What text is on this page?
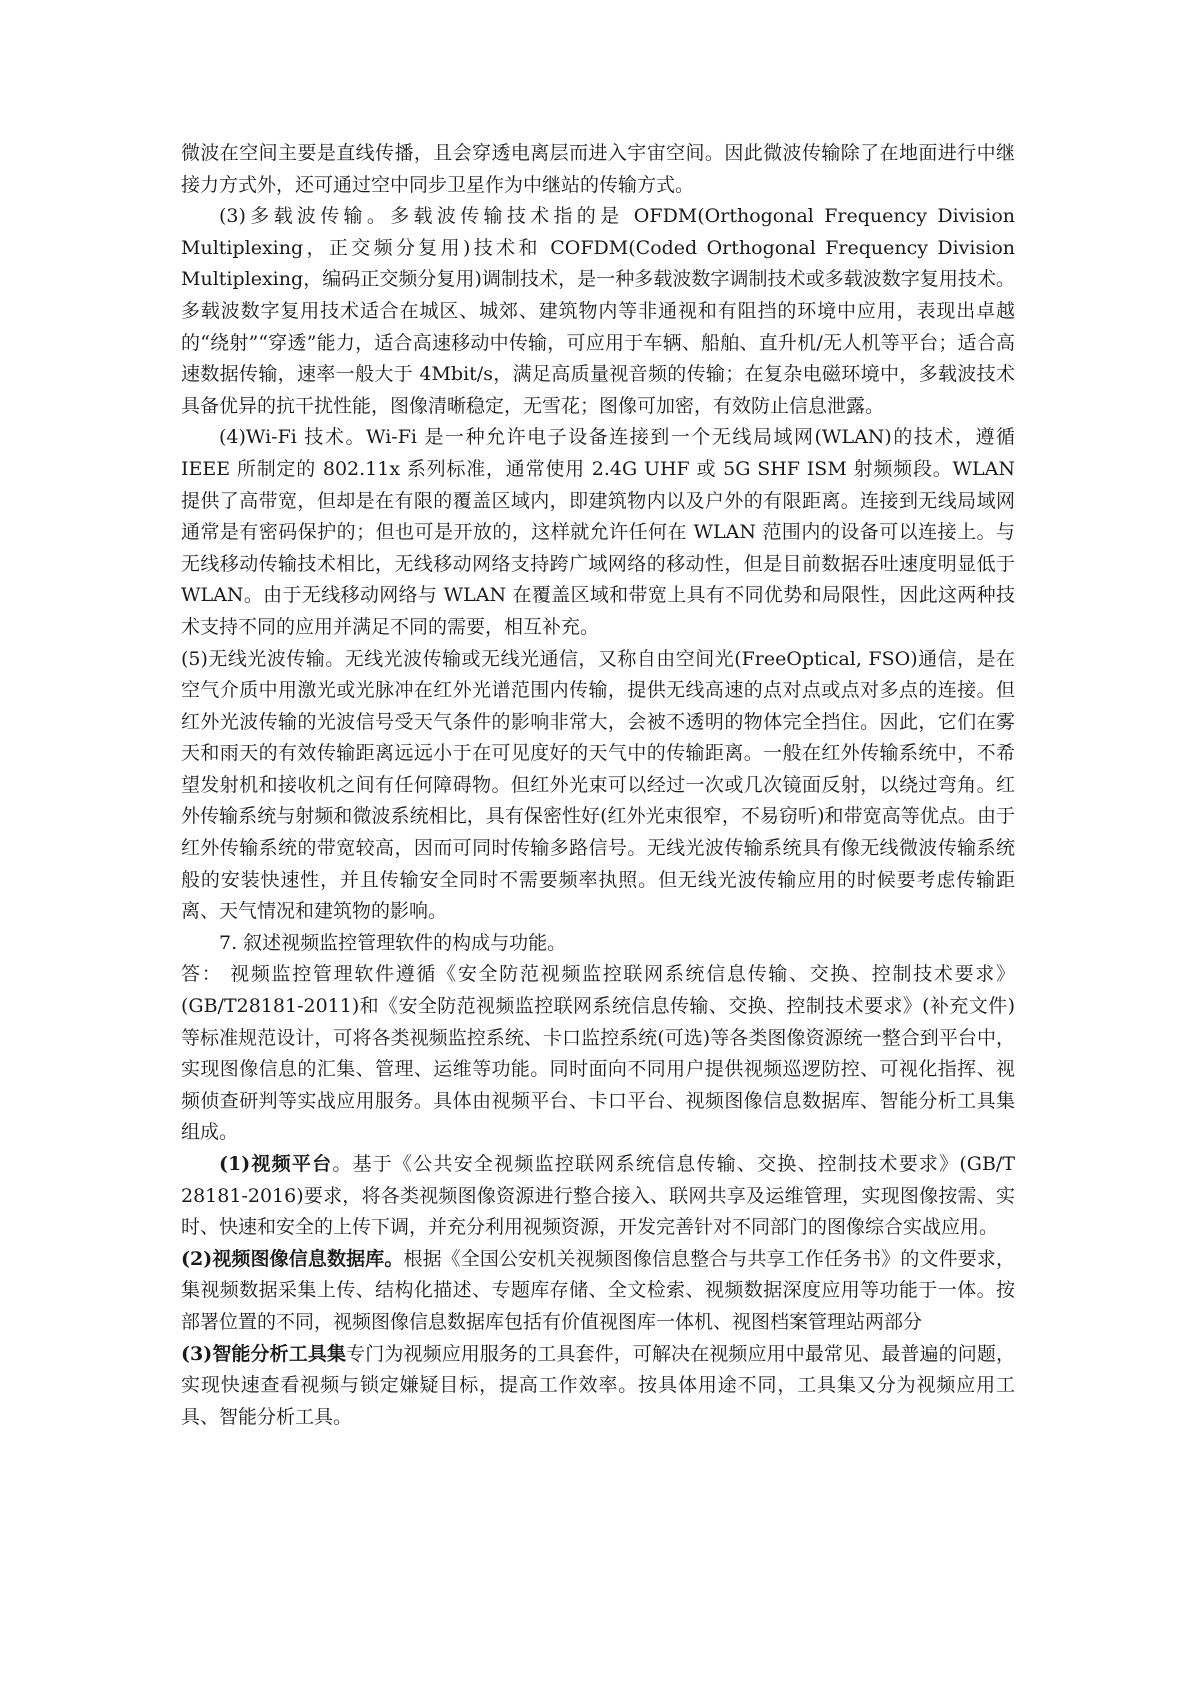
微波在空间主要是直线传播，且会穿透电离层而进入宇宙空间。因此微波传输除了在地面进行中继接力方式外，还可通过空中同步卫星作为中继站的传输方式。

(3)多载波传输。多载波传输技术指的是 OFDM(Orthogonal Frequency Division Multiplexing，正交频分复用)技术和 COFDM(Coded Orthogonal Frequency Division Multiplexing，编码正交频分复用)调制技术，是一种多载波数字调制技术或多载波数字复用技术。多载波数字复用技术适合在城区、城郊、建筑物内等非通视和有阻挡的环境中应用，表现出卓越的“绕射”“穿透”能力，适合高速移动中传输，可应用于车辆、船舶、直升机/无人机等平台；适合高速数据传输，速率一般大于 4Mbit/s，满足高质量视音频的传输；在复杂电磁环境中，多载波技术具备优异的抗干扰性能，图像清晰稳定，无雪花；图像可加密，有效防止信息泄露。

(4)Wi-Fi 技术。Wi-Fi 是一种允许电子设备连接到一个无线局域网(WLAN)的技术，遵循 IEEE 所制定的 802.11x 系列标准，通常使用 2.4G UHF 或 5G SHF ISM 射频频段。WLAN 提供了高带宽，但却是在有限的覆盖区域内，即建筑物内以及户外的有限距离。连接到无线局域网通常是有密码保护的；但也可是开放的，这样就允许任何在 WLAN 范围内的设备可以连接上。与无线移动传输技术相比，无线移动网络支持跨广域网络的移动性，但是目前数据吞吐速度明显低于 WLAN。由于无线移动网络与 WLAN 在覆盖区域和带宽上具有不同优势和局限性，因此这两种技术支持不同的应用并满足不同的需要，相互补充。

(5)无线光波传输。无线光波传输或无线光通信，又称自由空间光(FreeOptical, FSO)通信，是在空气介质中用激光或光脉冲在红外光谱范围内传输，提供无线高速的点对点或点对多点的连接。但红外光波传输的光波信号受天气条件的影响非常大，会被不透明的物体完全挡住。因此，它们在雾天和雨天的有效传输距离远远小于在可见度好的天气中的传输距离。一般在红外传输系统中，不希望发射机和接收机之间有任何障碍物。但红外光束可以经过一次或几次镜面反射，以绕过弯角。红外传输系统与射频和微波系统相比，具有保密性好(红外光束很窄，不易窃听)和带宽高等优点。由于红外传输系统的带宽较高，因而可同时传输多路信号。无线光波传输系统具有像无线微波传输系统般的安装快速性，并且传输安全同时不需要频率执照。但无线光波传输应用的时候要考虑传输距离、天气情况和建筑物的影响。

7. 叙述视频监控管理软件的构成与功能。

答： 视频监控管理软件遵循《安全防范视频监控联网系统信息传输、交换、控制技术要求》(GB/T28181-2011)和《安全防范视频监控联网系统信息传输、交换、控制技术要求》(补充文件)等标准规范设计，可将各类视频监控系统、卡口监控系统(可选)等各类图像资源统一整合到平台中，实现图像信息的汇集、管理、运维等功能。同时面向不同用户提供视频巡逻防控、可视化指挥、视频侦查研判等实战应用服务。具体由视频平台、卡口平台、视频图像信息数据库、智能分析工具集组成。

(1)视频平台。基于《公共安全视频监控联网系统信息传输、交换、控制技术要求》(GB/T 28181-2016)要求，将各类视频图像资源进行整合接入、联网共享及运维管理，实现图像按需、实时、快速和安全的上传下调，并充分利用视频资源，开发完善针对不同部门的图像综合实战应用。

(2)视频图像信息数据库。根据《全国公安机关视频图像信息整合与共享工作任务书》的文件要求，集视频数据采集上传、结构化描述、专题库存储、全文检索、视频数据深度应用等功能于一体。按部署位置的不同，视频图像信息数据库包括有价值视图库一体机、视图档案管理站两部分

(3)智能分析工具集专门为视频应用服务的工具套件，可解决在视频应用中最常见、最普遍的问题，实现快速查看视频与锁定嫌疑目标，提高工作效率。按具体用途不同，工具集又分为视频应用工具、智能分析工具。
